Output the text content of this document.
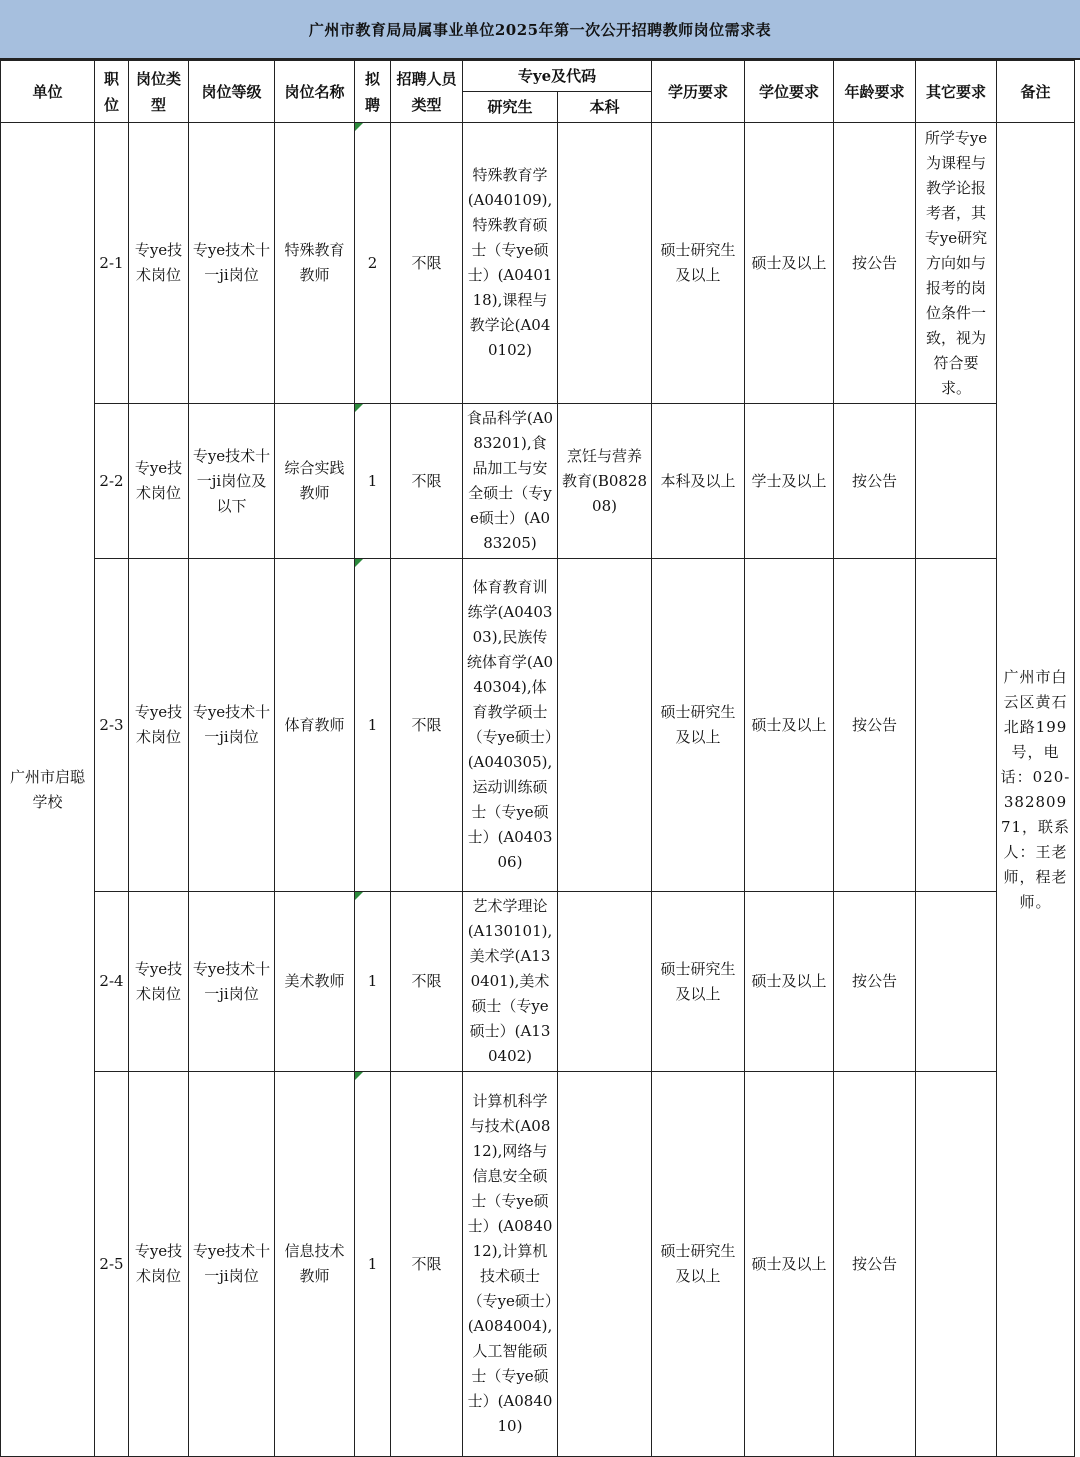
广州市教育局局属事业单位2025年第一次公开招聘教师岗位需求表
单位	职位	岗位类型	岗位等级	岗位名称	拟聘	招聘人员类型	专ye及代码		学历要求	学位要求	年龄要求	其它要求	备注
							研究生	本科					
广州市启聪学校	2-1	专ye技术岗位	专ye技术十一ji岗位	特殊教育教师	2	不限	特殊教育学(A040109),特殊教育硕士（专ye硕士）(A040118),课程与教学论(A040102)		硕士研究生及以上	硕士及以上	按公告	所学专ye为课程与教学论报考者，其专ye研究方向如与报考的岗位条件一致，视为符合要求。	广州市白云区黄石北路199号，电话：020-38280971，联系人：王老师，程老师。
	2-2	专ye技术岗位	专ye技术十一ji岗位及以下	综合实践教师	1	不限	食品科学(A083201),食品加工与安全硕士（专ye硕士）(A083205)	烹饪与营养教育(B082808)	本科及以上	学士及以上	按公告		
	2-3	专ye技术岗位	专ye技术十一ji岗位	体育教师	1	不限	体育教育训练学(A040303),民族传统体育学(A040304),体育教学硕士（专ye硕士）(A040305),运动训练硕士（专ye硕士）(A040306)		硕士研究生及以上	硕士及以上	按公告		
	2-4	专ye技术岗位	专ye技术十一ji岗位	美术教师	1	不限	艺术学理论(A130101),美术学(A130401),美术硕士（专ye硕士）(A130402)		硕士研究生及以上	硕士及以上	按公告		
	2-5	专ye技术岗位	专ye技术十一ji岗位	信息技术教师	1	不限	计算机科学与技术(A0812),网络与信息安全硕士（专ye硕士）(A084012),计算机技术硕士（专ye硕士）(A084004),人工智能硕士（专ye硕士）(A084010)		硕士研究生及以上	硕士及以上	按公告		
